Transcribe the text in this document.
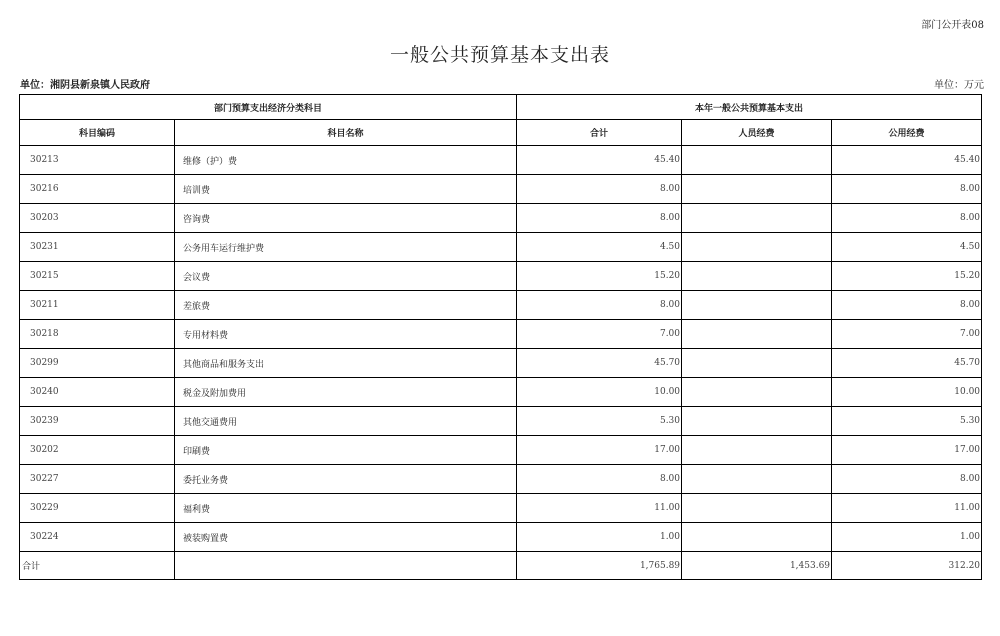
部门公开表08
一般公共预算基本支出表
单位：湘阴县新泉镇人民政府	单位：万元
部门预算支出经济分类科目		本年一般公共预算基本支出		
科目编码	科目名称	合计	人员经费	公用经费
30213	维修（护）费	45.40		45.40
30216	培训费	8.00		8.00
30203	咨询费	8.00		8.00
30231	公务用车运行维护费	4.50		4.50
30215	会议费	15.20		15.20
30211	差旅费	8.00		8.00
30218	专用材料费	7.00		7.00
30299	其他商品和服务支出	45.70		45.70
30240	税金及附加费用	10.00		10.00
30239	其他交通费用	5.30		5.30
30202	印刷费	17.00		17.00
30227	委托业务费	8.00		8.00
30229	福利费	11.00		11.00
30224	被装购置费	1.00		1.00
合计		1,765.89	1,453.69	312.20
